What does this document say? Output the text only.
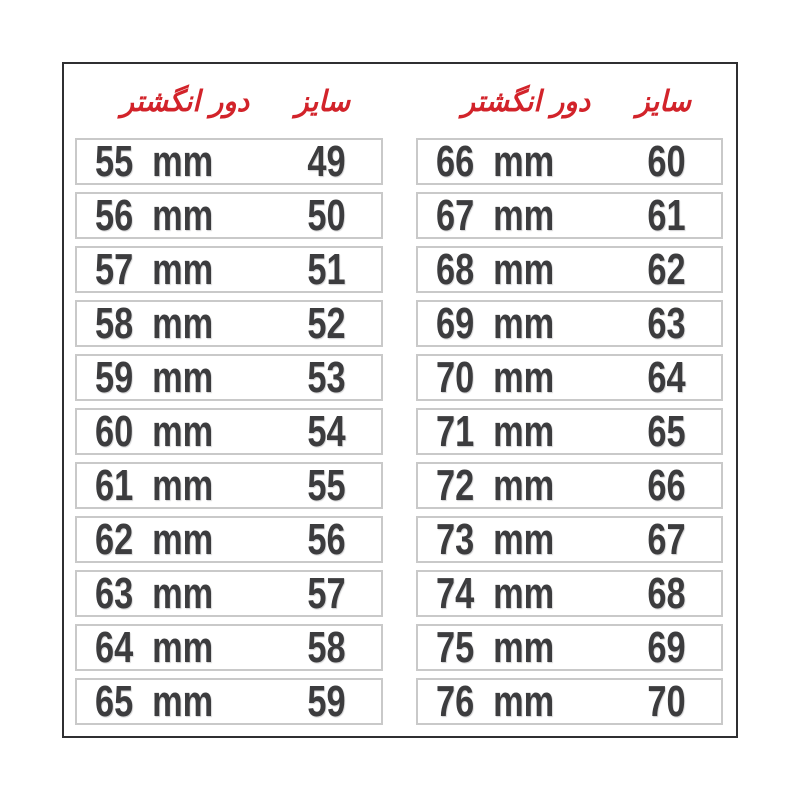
دور انگشتر	سایز
55 mm	49
56 mm	50
57 mm	51
58 mm	52
59 mm	53
60 mm	54
61 mm	55
62 mm	56
63 mm	57
64 mm	58
65 mm	59
دور انگشتر	سایز
66 mm	60
67 mm	61
68 mm	62
69 mm	63
70 mm	64
71 mm	65
72 mm	66
73 mm	67
74 mm	68
75 mm	69
76 mm	70
